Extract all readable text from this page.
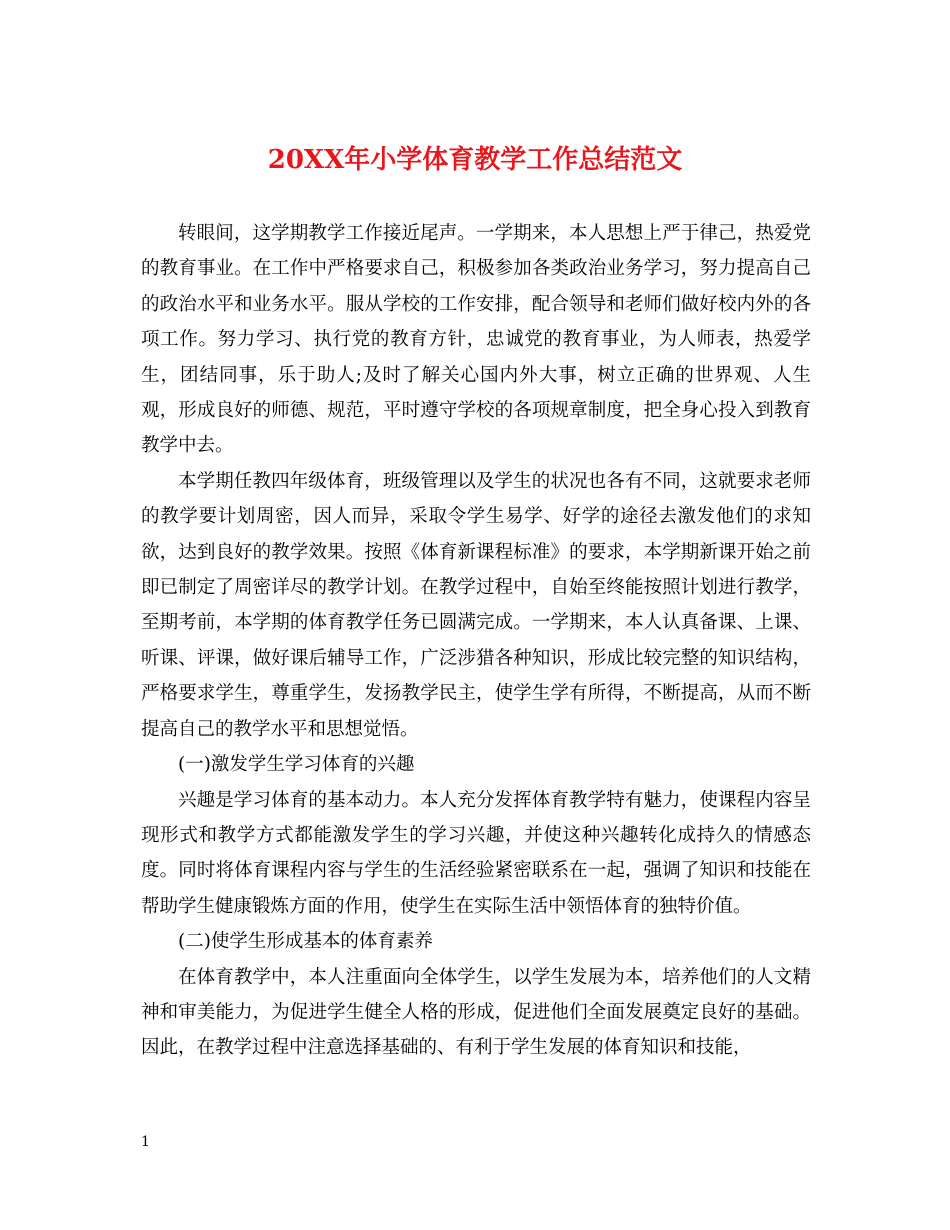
20XX年小学体育教学工作总结范文

转眼间，这学期教学工作接近尾声。一学期来，本人思想上严于律己，热爱党的教育事业。在工作中严格要求自己，积极参加各类政治业务学习，努力提高自己的政治水平和业务水平。服从学校的工作安排，配合领导和老师们做好校内外的各项工作。努力学习、执行党的教育方针，忠诚党的教育事业，为人师表，热爱学生，团结同事，乐于助人;及时了解关心国内外大事，树立正确的世界观、人生观，形成良好的师德、规范，平时遵守学校的各项规章制度，把全身心投入到教育教学中去。

本学期任教四年级体育，班级管理以及学生的状况也各有不同，这就要求老师的教学要计划周密，因人而异，采取令学生易学、好学的途径去激发他们的求知欲，达到良好的教学效果。按照《体育新课程标准》的要求，本学期新课开始之前即已制定了周密详尽的教学计划。在教学过程中，自始至终能按照计划进行教学，至期考前，本学期的体育教学任务已圆满完成。一学期来，本人认真备课、上课、听课、评课，做好课后辅导工作，广泛涉猎各种知识，形成比较完整的知识结构，严格要求学生，尊重学生，发扬教学民主，使学生学有所得，不断提高，从而不断提高自己的教学水平和思想觉悟。

(一)激发学生学习体育的兴趣

兴趣是学习体育的基本动力。本人充分发挥体育教学特有魅力，使课程内容呈现形式和教学方式都能激发学生的学习兴趣，并使这种兴趣转化成持久的情感态度。同时将体育课程内容与学生的生活经验紧密联系在一起，强调了知识和技能在帮助学生健康锻炼方面的作用，使学生在实际生活中领悟体育的独特价值。

(二)使学生形成基本的体育素养

在体育教学中，本人注重面向全体学生，以学生发展为本，培养他们的人文精神和审美能力，为促进学生健全人格的形成，促进他们全面发展奠定良好的基础。因此，在教学过程中注意选择基础的、有利于学生发展的体育知识和技能，

1
